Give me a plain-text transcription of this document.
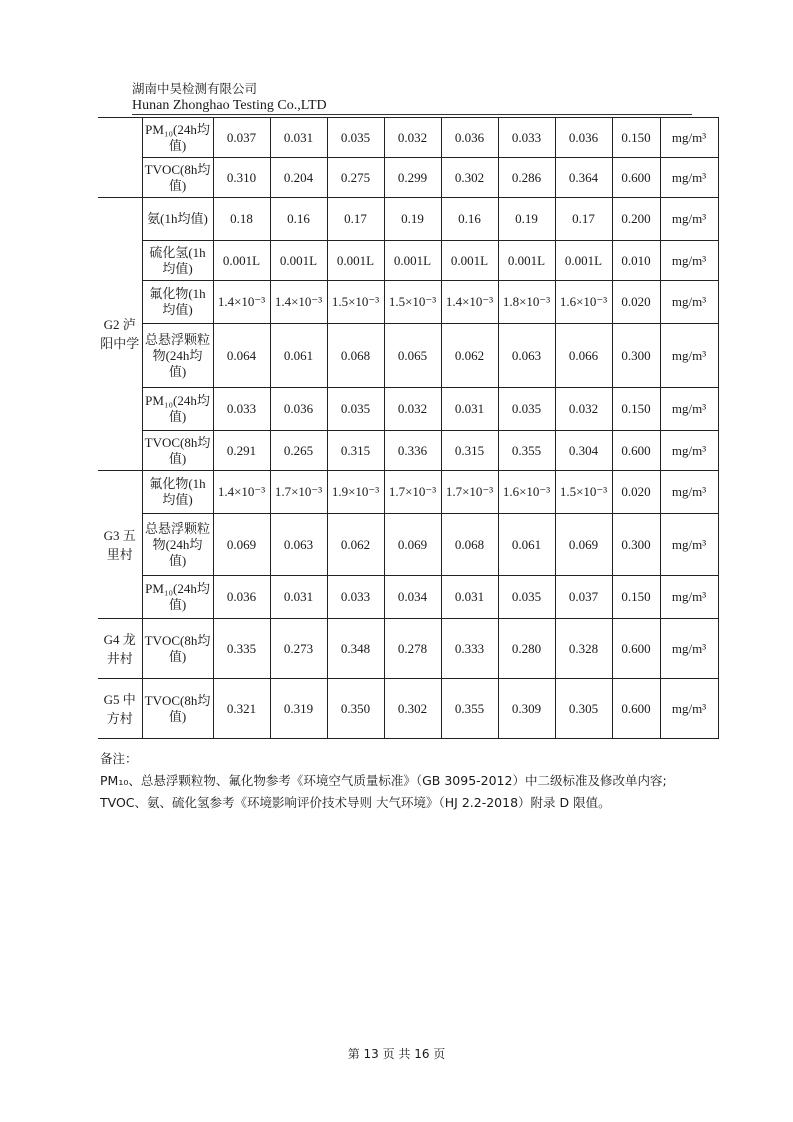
湖南中昊检测有限公司
Hunan Zhonghao Testing Co.,LTD
	PM₁₀(24h均值)	0.037	0.031	0.035	0.032	0.036	0.033	0.036	0.150	mg/m³
	TVOC(8h均值)	0.310	0.204	0.275	0.299	0.302	0.286	0.364	0.600	mg/m³
G2 泸阳中学	氨(1h均值)	0.18	0.16	0.17	0.19	0.16	0.19	0.17	0.200	mg/m³
	硫化氢(1h均值)	0.001L	0.001L	0.001L	0.001L	0.001L	0.001L	0.001L	0.010	mg/m³
	氟化物(1h均值)	1.4×10⁻³	1.4×10⁻³	1.5×10⁻³	1.5×10⁻³	1.4×10⁻³	1.8×10⁻³	1.6×10⁻³	0.020	mg/m³
	总悬浮颗粒物(24h均值)	0.064	0.061	0.068	0.065	0.062	0.063	0.066	0.300	mg/m³
	PM₁₀(24h均值)	0.033	0.036	0.035	0.032	0.031	0.035	0.032	0.150	mg/m³
	TVOC(8h均值)	0.291	0.265	0.315	0.336	0.315	0.355	0.304	0.600	mg/m³
G3 五里村	氟化物(1h均值)	1.4×10⁻³	1.7×10⁻³	1.9×10⁻³	1.7×10⁻³	1.7×10⁻³	1.6×10⁻³	1.5×10⁻³	0.020	mg/m³
	总悬浮颗粒物(24h均值)	0.069	0.063	0.062	0.069	0.068	0.061	0.069	0.300	mg/m³
	PM₁₀(24h均值)	0.036	0.031	0.033	0.034	0.031	0.035	0.037	0.150	mg/m³
G4 龙井村	TVOC(8h均值)	0.335	0.273	0.348	0.278	0.333	0.280	0.328	0.600	mg/m³
G5 中方村	TVOC(8h均值)	0.321	0.319	0.350	0.302	0.355	0.309	0.305	0.600	mg/m³

备注：

PM₁₀、总悬浮颗粒物、氟化物参考《环境空气质量标准》（GB 3095-2012）中二级标准及修改单内容;

TVOC、氨、硫化氢参考《环境影响评价技术导则 大气环境》（HJ 2.2-2018）附录 D 限值。

第 13 页 共 16 页
